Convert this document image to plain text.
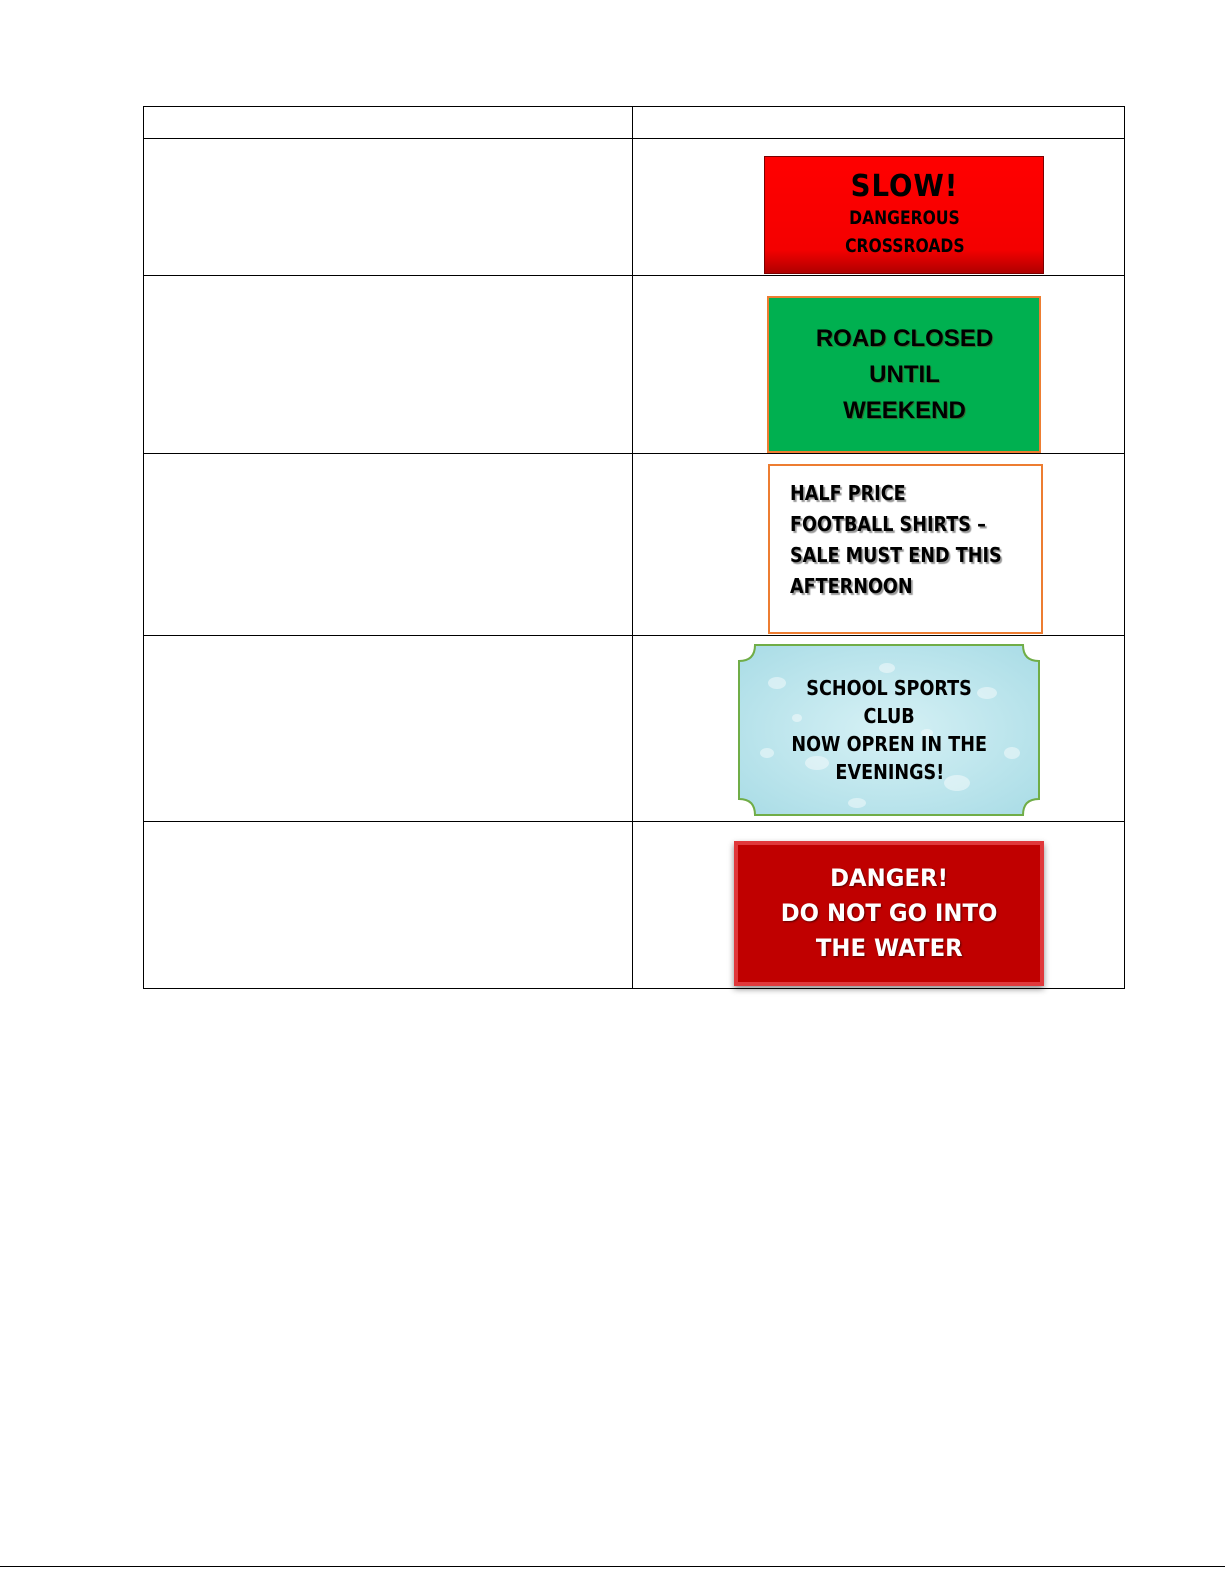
	SLOW!
DANGEROUS
CROSSROADS

	ROAD CLOSED
UNTIL
WEEKEND

	HALF PRICE
FOOTBALL SHIRTS –
SALE MUST END THIS
AFTERNOON

	SCHOOL SPORTS
CLUB
NOW OPREN IN THE
EVENINGS!

	DANGER!
DO NOT GO INTO
THE WATER
